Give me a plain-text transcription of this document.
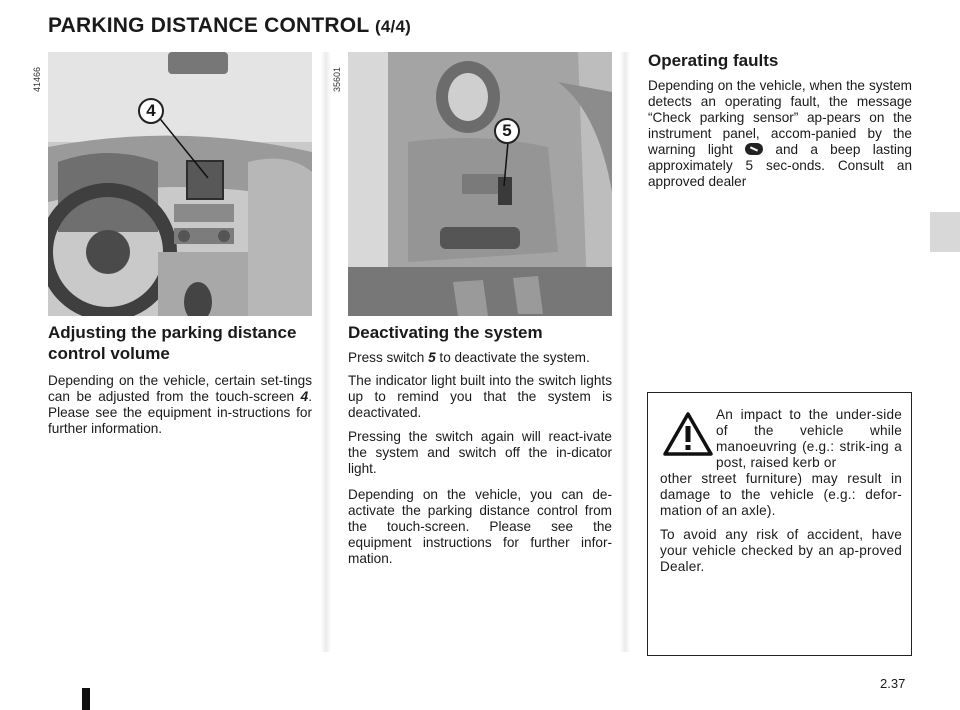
PARKING DISTANCE CONTROL (4/4)
4
41466
5
35601
Adjusting the parking distance control volume

Depending on the vehicle, certain set-tings can be adjusted from the touch-screen 4. Please see the equipment in-structions for further information.

Deactivating the system

Press switch 5 to deactivate the system.

The indicator light built into the switch lights up to remind you that the system is deactivated.

Pressing the switch again will react-ivate the system and switch off the in-dicator light.

Depending on the vehicle, you can de-activate the parking distance control from the touch-screen. Please see the equipment instructions for further infor-mation.

Operating faults

Depending on the vehicle, when the system detects an operating fault, the message “Check parking sensor” ap-pears on the instrument panel, accom-panied by the warning light	and a beep lasting approximately 5 sec-onds. Consult an approved dealer

An impact to the under-side of the vehicle while manoeuvring (e.g.: strik-ing a post, raised kerb or
other street furniture) may result in damage to the vehicle (e.g.: defor-mation of an axle).
To avoid any risk of accident, have your vehicle checked by an ap-proved Dealer.
2.37
